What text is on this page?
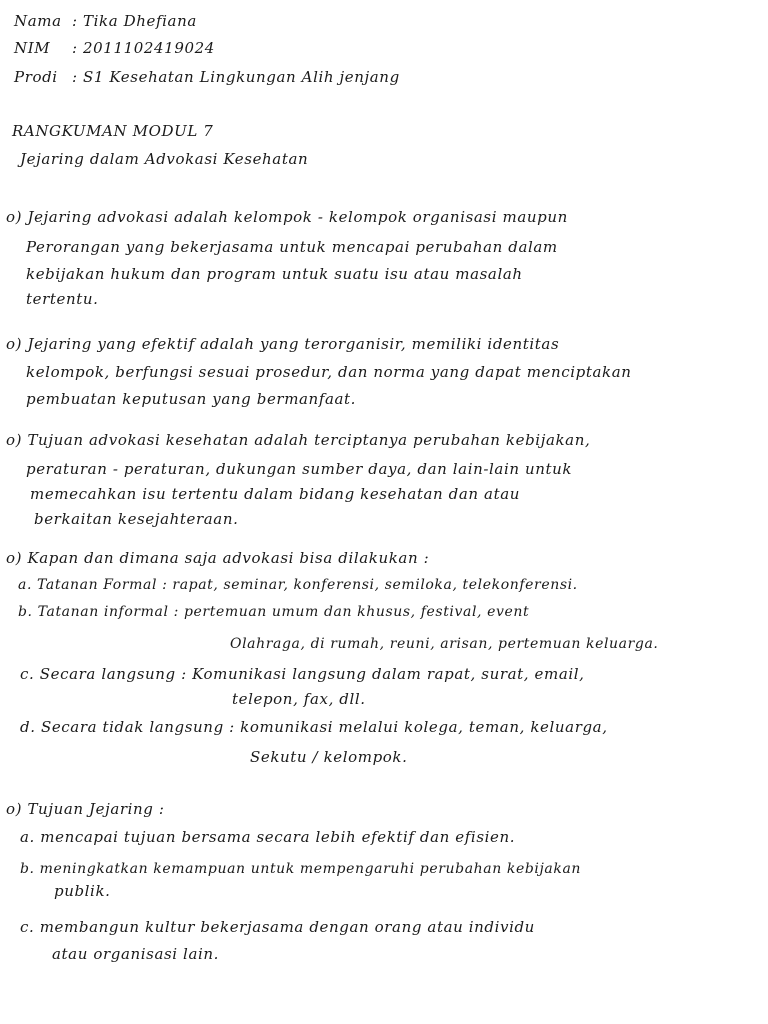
Nama : Tika Dhefiana
NIM : 2011102419024
Prodi : S1 Kesehatan Lingkungan Alih jenjang
RANGKUMAN MODUL 7
Jejaring dalam Advokasi Kesehatan
o) Jejaring advokasi adalah kelompok - kelompok organisasi maupun
Perorangan yang bekerjasama untuk mencapai perubahan dalam
kebijakan hukum dan program untuk suatu isu atau masalah
tertentu.
o) Jejaring yang efektif adalah yang terorganisir, memiliki identitas
kelompok, berfungsi sesuai prosedur, dan norma yang dapat menciptakan
pembuatan keputusan yang bermanfaat.
o) Tujuan advokasi kesehatan adalah terciptanya perubahan kebijakan,
peraturan - peraturan, dukungan sumber daya, dan lain-lain untuk
memecahkan isu tertentu dalam bidang kesehatan dan atau
berkaitan kesejahteraan.
o) Kapan dan dimana saja advokasi bisa dilakukan :
a. Tatanan Formal : rapat, seminar, konferensi, semiloka, telekonferensi.
b. Tatanan informal : pertemuan umum dan khusus, festival, event
Olahraga, di rumah, reuni, arisan, pertemuan keluarga.
c. Secara langsung : Komunikasi langsung dalam rapat, surat, email,
telepon, fax, dll.
d. Secara tidak langsung : komunikasi melalui kolega, teman, keluarga,
Sekutu / kelompok.
o) Tujuan Jejaring :
a. mencapai tujuan bersama secara lebih efektif dan efisien.
b. meningkatkan kemampuan untuk mempengaruhi perubahan kebijakan
publik.
c. membangun kultur bekerjasama dengan orang atau individu
atau organisasi lain.
